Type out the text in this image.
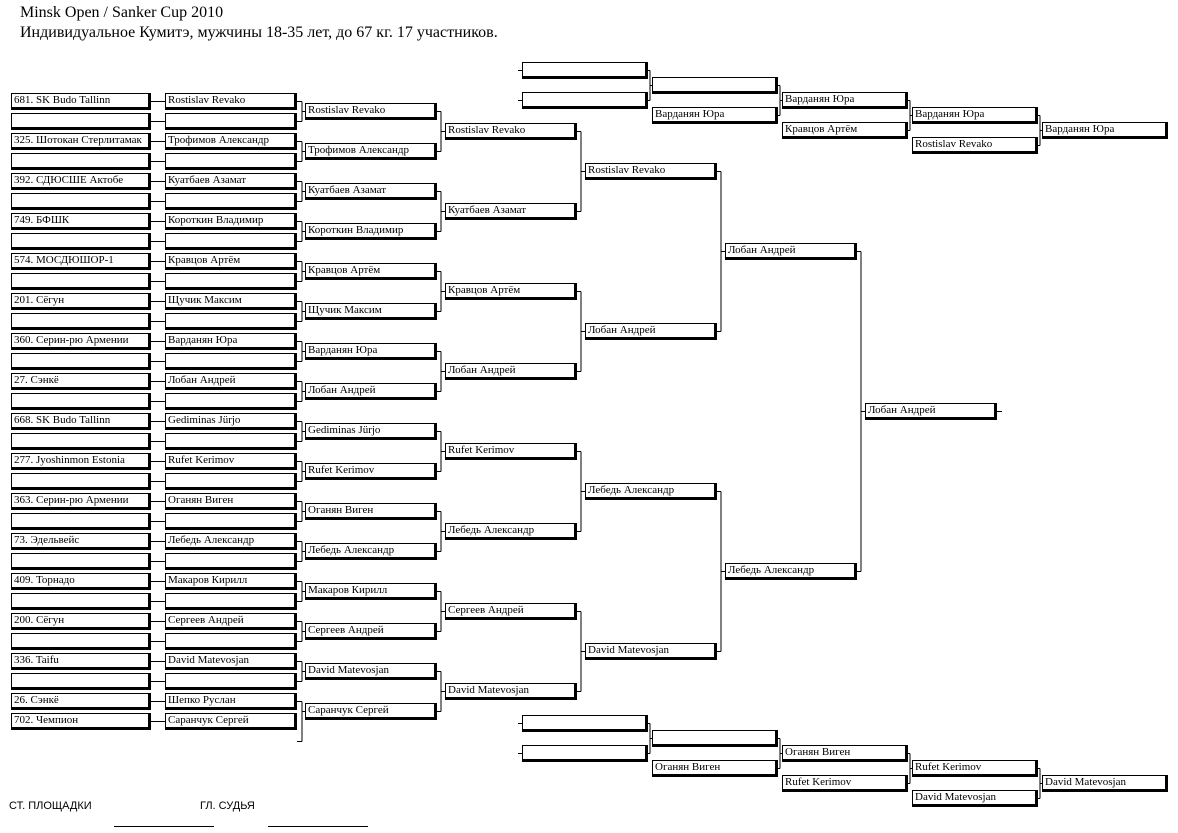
Minsk Open / Sanker Cup 2010
Индивидуальное Кумитэ, мужчины 18-35 лет, до 67 кг. 17 участников.
681. SK Budo Tallinn
325. Шотокан Стерлитамак
392. СДЮСШЕ Актобе
749. БФШК
574. МОСДЮШОР-1
201. Сёгун
360. Серин-рю Армении
27. Сэнкё
668. SK Budo Tallinn
277. Jyoshinmon Estonia
363. Серин-рю Армении
73. Эдельвейс
409. Торнадо
200. Сёгун
336. Taifu
26. Сэнкё
702. Чемпион
Rostislav Revako
Трофимов Александр
Куатбаев Азамат
Короткин Владимир
Кравцов Артём
Щучик Максим
Варданян Юра
Лобан Андрей
Gediminas Jürjo
Rufet Kerimov
Оганян Виген
Лебедь Александр
Макаров Кирилл
Сергеев Андрей
David Matevosjan
Шепко Руслан
Саранчук Сергей
Rostislav Revako
Трофимов Александр
Куатбаев Азамат
Короткин Владимир
Кравцов Артём
Щучик Максим
Варданян Юра
Лобан Андрей
Gediminas Jürjo
Rufet Kerimov
Оганян Виген
Лебедь Александр
Макаров Кирилл
Сергеев Андрей
David Matevosjan
Саранчук Сергей
Rostislav Revako
Куатбаев Азамат
Кравцов Артём
Лобан Андрей
Rufet Kerimov
Лебедь Александр
Сергеев Андрей
David Matevosjan
Rostislav Revako
Лобан Андрей
Лебедь Александр
David Matevosjan
Лобан Андрей
Лебедь Александр
Лобан Андрей
Варданян Юра
Варданян Юра
Кравцов Артём
Варданян Юра
Rostislav Revako
Варданян Юра
Оганян Виген
Оганян Виген
Rufet Kerimov
Rufet Kerimov
David Matevosjan
David Matevosjan
СТ. ПЛОЩАДКИ	ГЛ. СУДЬЯ
